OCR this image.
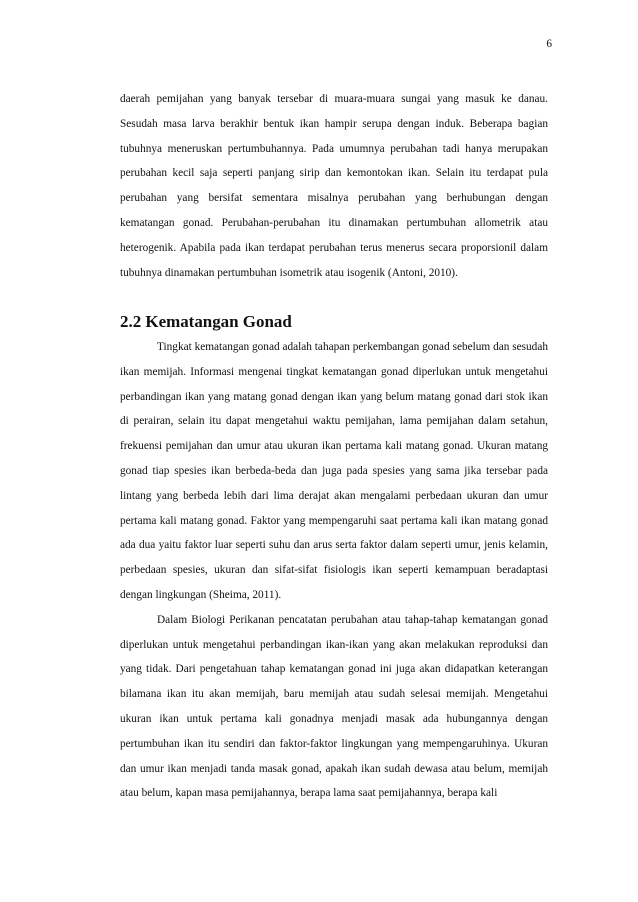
6

daerah pemijahan yang banyak tersebar di muara-muara sungai yang masuk ke danau. Sesudah masa larva berakhir bentuk ikan hampir serupa dengan induk. Beberapa bagian tubuhnya meneruskan pertumbuhannya. Pada umumnya perubahan tadi hanya merupakan perubahan kecil saja seperti panjang sirip dan kemontokan ikan. Selain itu terdapat pula perubahan yang bersifat sementara misalnya perubahan yang berhubungan dengan kematangan gonad. Perubahan-perubahan itu dinamakan pertumbuhan allometrik atau heterogenik. Apabila pada ikan terdapat perubahan terus menerus secara proporsionil dalam tubuhnya dinamakan pertumbuhan isometrik atau isogenik (Antoni, 2010).

2.2 Kematangan Gonad

Tingkat kematangan gonad adalah tahapan perkembangan gonad sebelum dan sesudah ikan memijah. Informasi mengenai tingkat kematangan gonad diperlukan untuk mengetahui perbandingan ikan yang matang gonad dengan ikan yang belum matang gonad dari stok ikan di perairan, selain itu dapat mengetahui waktu pemijahan, lama pemijahan dalam setahun, frekuensi pemijahan dan umur atau ukuran ikan pertama kali matang gonad. Ukuran matang gonad tiap spesies ikan berbeda-beda dan juga pada spesies yang sama jika tersebar pada lintang yang berbeda lebih dari lima derajat akan mengalami perbedaan ukuran dan umur pertama kali matang gonad. Faktor yang mempengaruhi saat pertama kali ikan matang gonad ada dua yaitu faktor luar seperti suhu dan arus serta faktor dalam seperti umur, jenis kelamin, perbedaan spesies, ukuran dan sifat-sifat fisiologis ikan seperti kemampuan beradaptasi dengan lingkungan (Sheima, 2011).

Dalam Biologi Perikanan pencatatan perubahan atau tahap-tahap kematangan gonad diperlukan untuk mengetahui perbandingan ikan-ikan yang akan melakukan reproduksi dan yang tidak. Dari pengetahuan tahap kematangan gonad ini juga akan didapatkan keterangan bilamana ikan itu akan memijah, baru memijah atau sudah selesai memijah. Mengetahui ukuran ikan untuk pertama kali gonadnya menjadi masak ada hubungannya dengan pertumbuhan ikan itu sendiri dan faktor-faktor lingkungan yang mempengaruhinya. Ukuran dan umur ikan menjadi tanda masak gonad, apakah ikan sudah dewasa atau belum, memijah atau belum, kapan masa pemijahannya, berapa lama saat pemijahannya, berapa kali
